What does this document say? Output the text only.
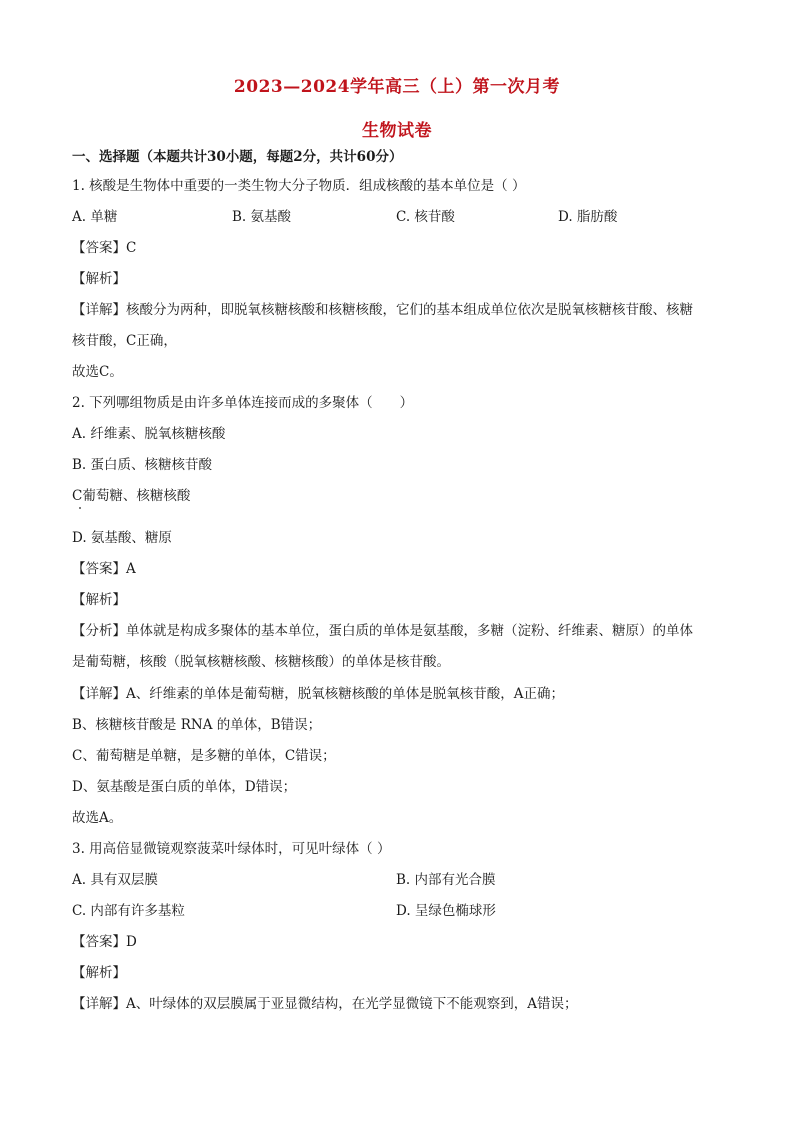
2023—2024学年高三（上）第一次月考
生物试卷
一、选择题（本题共计30小题，每题2分，共计60分）
1. 核酸是生物体中重要的一类生物大分子物质．组成核酸的基本单位是（ ）
A. 单糖	B. 氨基酸	C. 核苷酸	D. 脂肪酸
【答案】C
【解析】
【详解】核酸分为两种，即脱氧核糖核酸和核糖核酸，它们的基本组成单位依次是脱氧核糖核苷酸、核糖
核苷酸，C正确，
故选C。
2. 下列哪组物质是由许多单体连接而成的多聚体（　　）
A. 纤维素、脱氧核糖核酸
B. 蛋白质、核糖核苷酸
C葡萄糖、核糖核酸
D. 氨基酸、糖原
【答案】A
【解析】
【分析】单体就是构成多聚体的基本单位，蛋白质的单体是氨基酸，多糖（淀粉、纤维素、糖原）的单体
是葡萄糖，核酸（脱氧核糖核酸、核糖核酸）的单体是核苷酸。
【详解】A、纤维素的单体是葡萄糖，脱氧核糖核酸的单体是脱氧核苷酸，A正确；
B、核糖核苷酸是 RNA 的单体，B错误；
C、葡萄糖是单糖，是多糖的单体，C错误；
D、氨基酸是蛋白质的单体，D错误；
故选A。
3. 用高倍显微镜观察菠菜叶绿体时，可见叶绿体（ ）
A. 具有双层膜	B. 内部有光合膜
C. 内部有许多基粒	D. 呈绿色椭球形
【答案】D
【解析】
【详解】A、叶绿体的双层膜属于亚显微结构，在光学显微镜下不能观察到，A错误；
